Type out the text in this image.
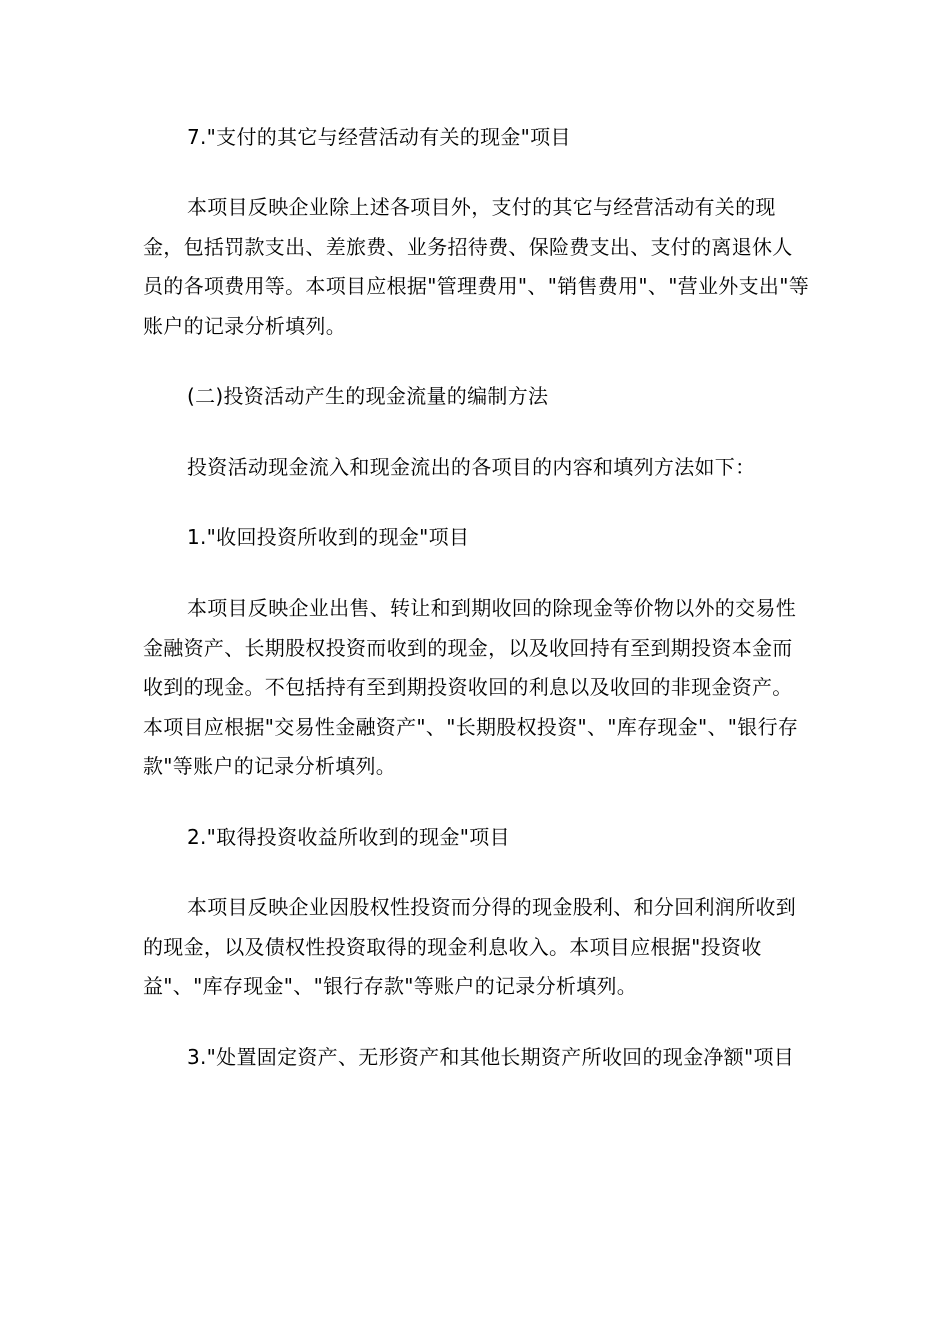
7."支付的其它与经营活动有关的现金"项目

本项目反映企业除上述各项目外，支付的其它与经营活动有关的现金，包括罚款支出、差旅费、业务招待费、保险费支出、支付的离退休人员的各项费用等。本项目应根据"管理费用"、"销售费用"、"营业外支出"等账户的记录分析填列。

(二)投资活动产生的现金流量的编制方法

投资活动现金流入和现金流出的各项目的内容和填列方法如下：

1."收回投资所收到的现金"项目

本项目反映企业出售、转让和到期收回的除现金等价物以外的交易性金融资产、长期股权投资而收到的现金，以及收回持有至到期投资本金而收到的现金。不包括持有至到期投资收回的利息以及收回的非现金资产。本项目应根据"交易性金融资产"、"长期股权投资"、"库存现金"、"银行存款"等账户的记录分析填列。

2."取得投资收益所收到的现金"项目

本项目反映企业因股权性投资而分得的现金股利、和分回利润所收到的现金，以及债权性投资取得的现金利息收入。本项目应根据"投资收益"、"库存现金"、"银行存款"等账户的记录分析填列。

3."处置固定资产、无形资产和其他长期资产所收回的现金净额"项目
